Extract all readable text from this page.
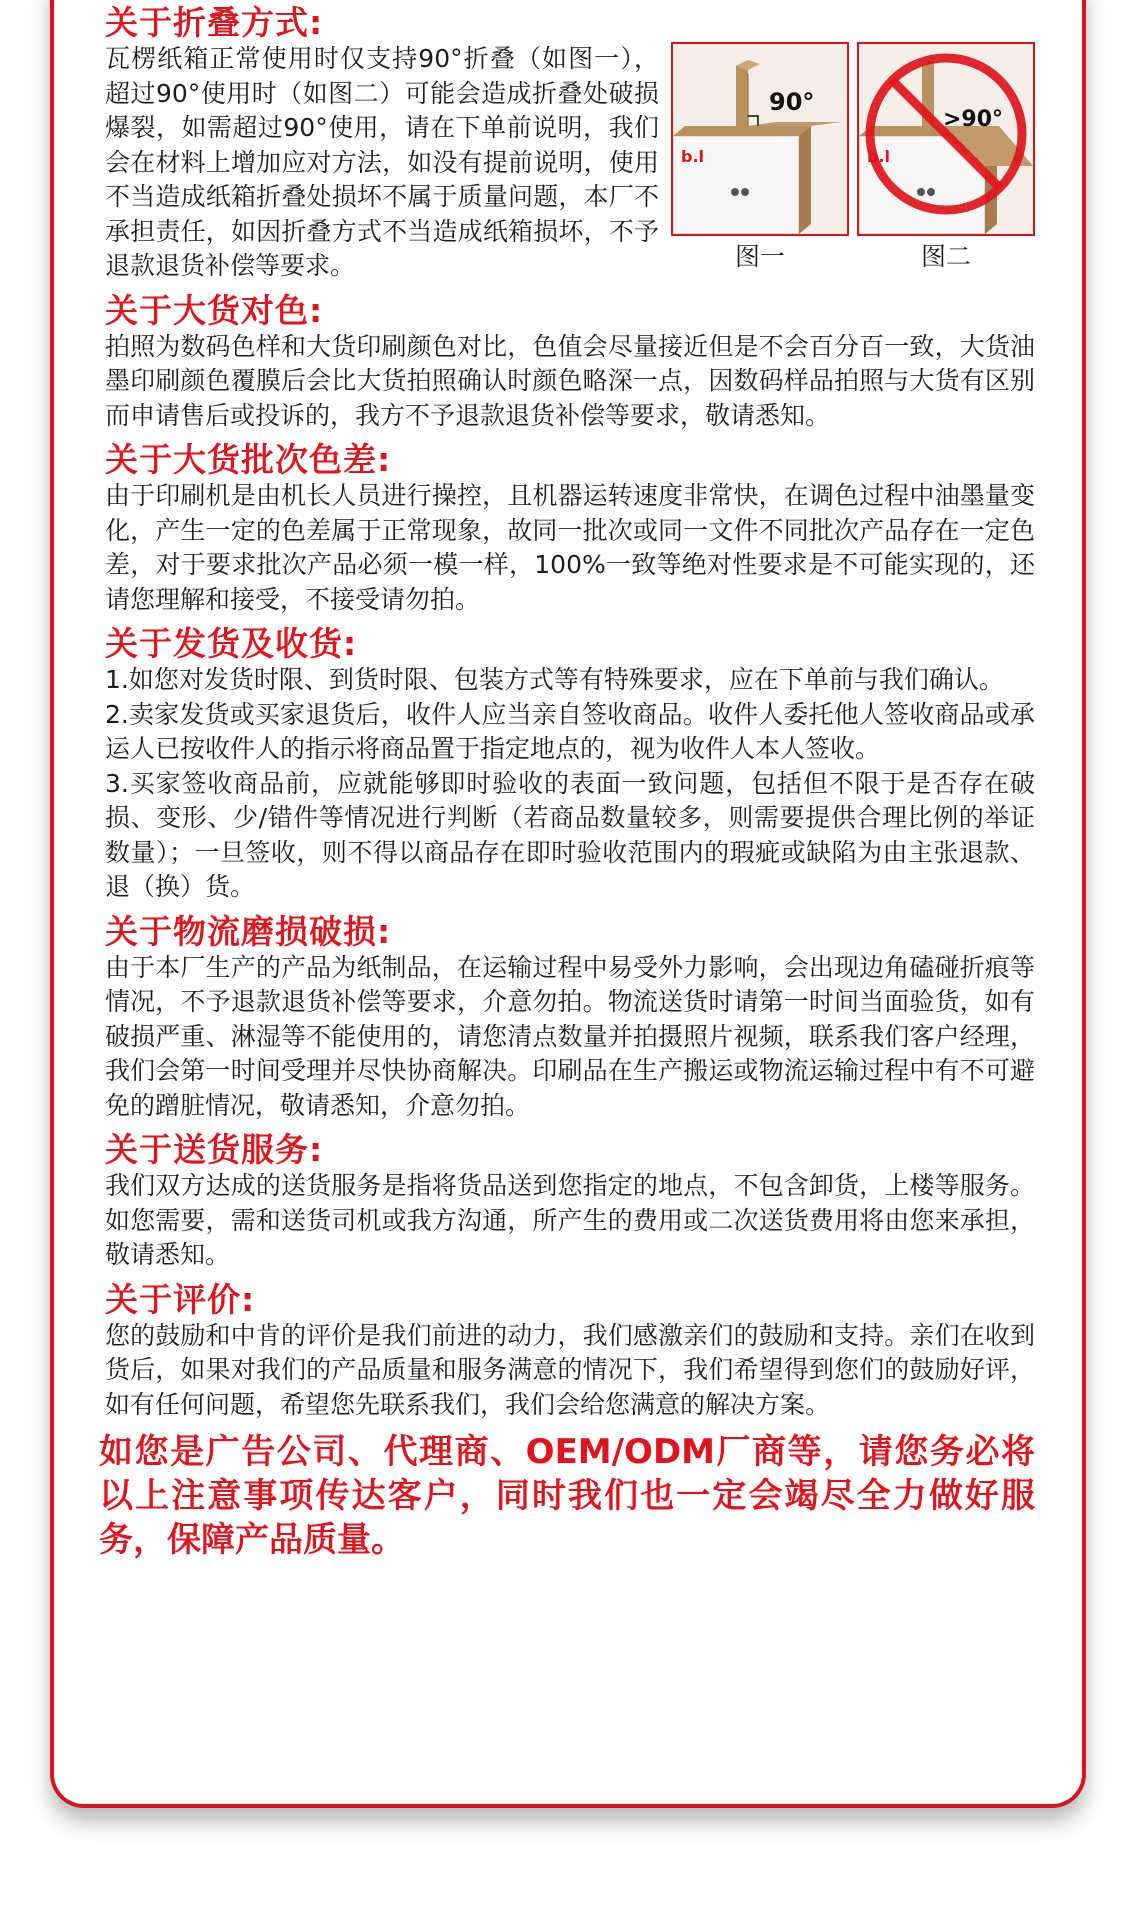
关于折叠方式:

瓦楞纸箱正常使用时仅支持90°折叠（如图一），超过90°使用时（如图二）可能会造成折叠处破损爆裂，如需超过90°使用，请在下单前说明，我们会在材料上增加应对方法，如没有提前说明，使用不当造成纸箱折叠处损坏不属于质量问题，本厂不承担责任，如因折叠方式不当造成纸箱损坏，不予退款退货补偿等要求。

90°
b.l
图一
>90°
b.l
图二

关于大货对色:

拍照为数码色样和大货印刷颜色对比，色值会尽量接近但是不会百分百一致，大货油墨印刷颜色覆膜后会比大货拍照确认时颜色略深一点，因数码样品拍照与大货有区别而申请售后或投诉的，我方不予退款退货补偿等要求，敬请悉知。

关于大货批次色差:

由于印刷机是由机长人员进行操控，且机器运转速度非常快，在调色过程中油墨量变化，产生一定的色差属于正常现象，故同一批次或同一文件不同批次产品存在一定色差，对于要求批次产品必须一模一样，100%一致等绝对性要求是不可能实现的，还请您理解和接受，不接受请勿拍。

关于发货及收货:

1.如您对发货时限、到货时限、包装方式等有特殊要求，应在下单前与我们确认。

2.卖家发货或买家退货后，收件人应当亲自签收商品。收件人委托他人签收商品或承运人已按收件人的指示将商品置于指定地点的，视为收件人本人签收。

3.买家签收商品前，应就能够即时验收的表面一致问题，包括但不限于是否存在破损、变形、少/错件等情况进行判断（若商品数量较多，则需要提供合理比例的举证数量）；一旦签收，则不得以商品存在即时验收范围内的瑕疵或缺陷为由主张退款、退（换）货。

关于物流磨损破损:

由于本厂生产的产品为纸制品，在运输过程中易受外力影响，会出现边角磕碰折痕等情况，不予退款退货补偿等要求，介意勿拍。物流送货时请第一时间当面验货，如有破损严重、淋湿等不能使用的，请您清点数量并拍摄照片视频，联系我们客户经理，我们会第一时间受理并尽快协商解决。印刷品在生产搬运或物流运输过程中有不可避免的蹭脏情况，敬请悉知，介意勿拍。

关于送货服务:

我们双方达成的送货服务是指将货品送到您指定的地点，不包含卸货，上楼等服务。如您需要，需和送货司机或我方沟通，所产生的费用或二次送货费用将由您来承担，敬请悉知。

关于评价:

您的鼓励和中肯的评价是我们前进的动力，我们感激亲们的鼓励和支持。亲们在收到货后，如果对我们的产品质量和服务满意的情况下，我们希望得到您们的鼓励好评，如有任何问题，希望您先联系我们，我们会给您满意的解决方案。

如您是广告公司、代理商、OEM/ODM厂商等，请您务必将以上注意事项传达客户，同时我们也一定会竭尽全力做好服务，保障产品质量。
